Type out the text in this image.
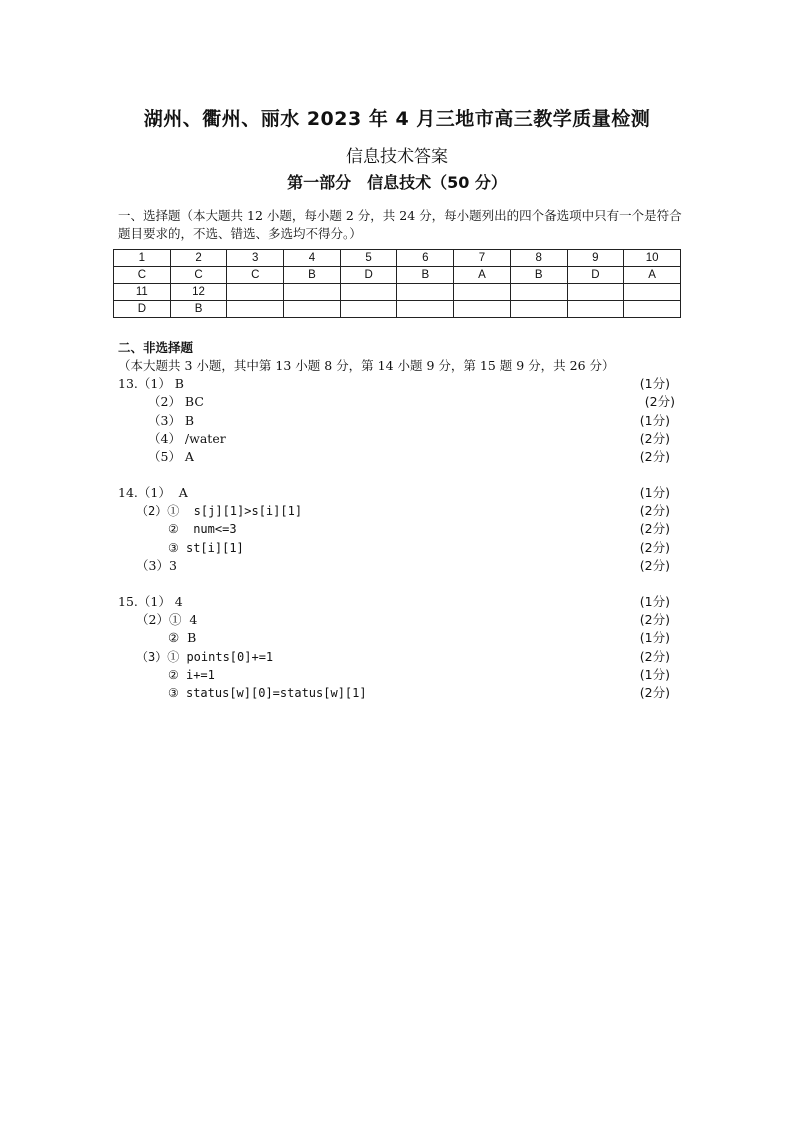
湖州、衢州、丽水 2023 年 4 月三地市高三教学质量检测
信息技术答案
第一部分　信息技术（50 分）
一、选择题（本大题共 12 小题，每小题 2 分，共 24 分，每小题列出的四个备选项中只有一个是符合题目要求的，不选、错选、多选均不得分。）
1	2	3	4	5	6	7	8	9	10
C	C	C	B	D	B	A	B	D	A
11	12								
D	B								
二、非选择题（本大题共 3 小题，其中第 13 小题 8 分，第 14 小题 9 分，第 15 题 9 分，共 26 分）
13.（1） B	(1分)
（2） BC	(2分)
（3） B	(1分)
（4） /water	(2分)
（5） A	(2分)
14.（1）  A	(1分)
（2）①  s[j][1]>s[i][1]	(2分)
②  num<=3	(2分)
③ st[i][1]	(2分)
（3）3	(2分)
15.（1） 4	(1分)
（2）①  4	(2分)
②  B	(1分)
（3）① points[0]+=1	(2分)
② i+=1	(1分)
③ status[w][0]=status[w][1]	(2分)
